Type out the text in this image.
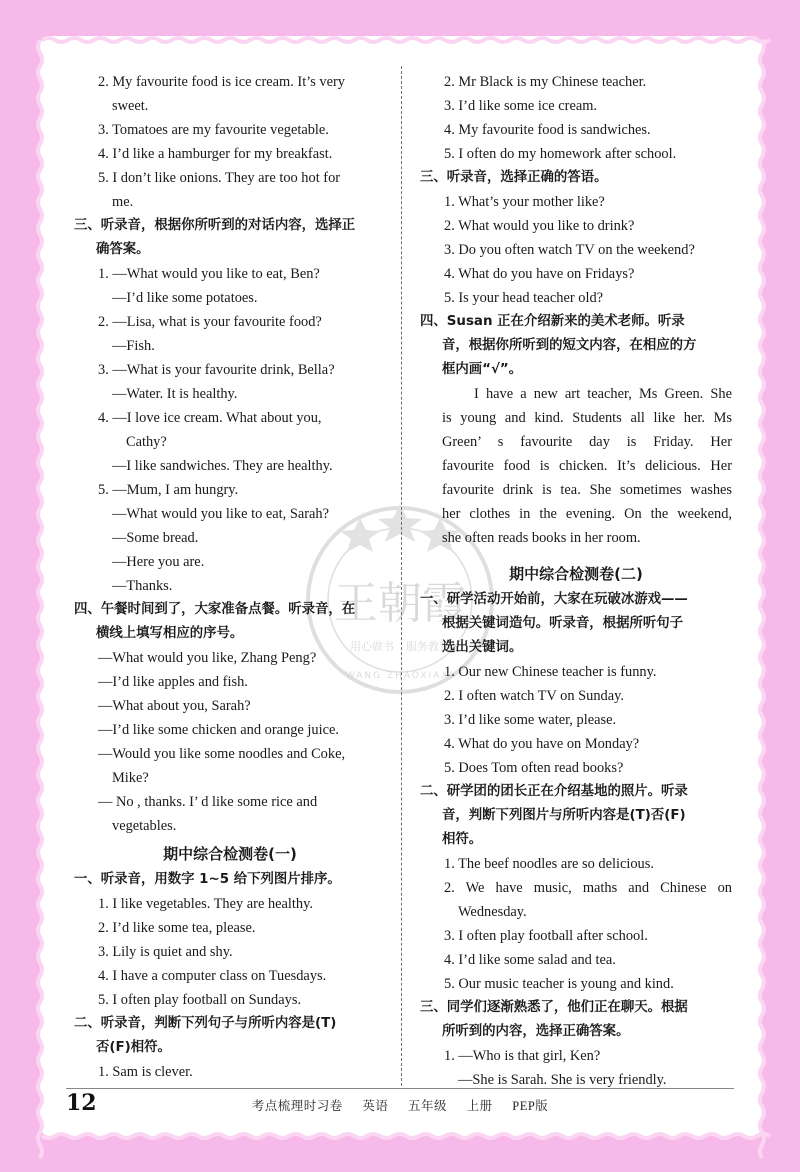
王朝霞
用心做书 服务教育
WANG ZHAOXIAXI
2. My favourite food is ice cream. It’s very
sweet.
3. Tomatoes are my favourite vegetable.
4. I’d like a hamburger for my breakfast.
5. I don’t like onions. They are too hot for
me.
三、听录音，根据你所听到的对话内容，选择正
确答案。
1. —What would you like to eat, Ben?
—I’d like some potatoes.
2. —Lisa, what is your favourite food?
—Fish.
3. —What is your favourite drink, Bella?
—Water. It is healthy.
4. —I love ice cream. What about you,
Cathy?
—I like sandwiches. They are healthy.
5. —Mum, I am hungry.
—What would you like to eat, Sarah?
—Some bread.
—Here you are.
—Thanks.
四、午餐时间到了，大家准备点餐。听录音，在
横线上填写相应的序号。
—What would you like, Zhang Peng?
—I’d like apples and fish.
—What about you, Sarah?
—I’d like some chicken and orange juice.
—Would you like some noodles and Coke,
Mike?
— No , thanks. I’ d like some rice and
vegetables.
期中综合检测卷(一)
一、听录音，用数字 1~5 给下列图片排序。
1. I like vegetables. They are healthy.
2. I’d like some tea, please.
3. Lily is quiet and shy.
4. I have a computer class on Tuesdays.
5. I often play football on Sundays.
二、听录音，判断下列句子与所听内容是(T)
否(F)相符。
1. Sam is clever.
2. Mr Black is my Chinese teacher.
3. I’d like some ice cream.
4. My favourite food is sandwiches.
5. I often do my homework after school.
三、听录音，选择正确的答语。
1. What’s your mother like?
2. What would you like to drink?
3. Do you often watch TV on the weekend?
4. What do you have on Fridays?
5. Is your head teacher old?
四、Susan 正在介绍新来的美术老师。听录
音，根据你所听到的短文内容，在相应的方
框内画“√”。
I have a new art teacher, Ms Green. She
is young and kind. Students all like her. Ms
Green’ s favourite day is Friday. Her
favourite food is chicken. It’s delicious. Her
favourite drink is tea. She sometimes washes
her clothes in the evening. On the weekend,
she often reads books in her room.
期中综合检测卷(二)
一、研学活动开始前，大家在玩破冰游戏——
根据关键词造句。听录音，根据所听句子
选出关键词。
1. Our new Chinese teacher is funny.
2. I often watch TV on Sunday.
3. I’d like some water, please.
4. What do you have on Monday?
5. Does Tom often read books?
二、研学团的团长正在介绍基地的照片。听录
音，判断下列图片与所听内容是(T)否(F)
相符。
1. The beef noodles are so delicious.
2. We have music, maths and Chinese on
Wednesday.
3. I often play football after school.
4. I’d like some salad and tea.
5. Our music teacher is young and kind.
三、同学们逐渐熟悉了，他们正在聊天。根据
所听到的内容，选择正确答案。
1. —Who is that girl, Ken?
—She is Sarah. She is very friendly.
12	考点梳理时习卷 英语 五年级 上册 PEP版
